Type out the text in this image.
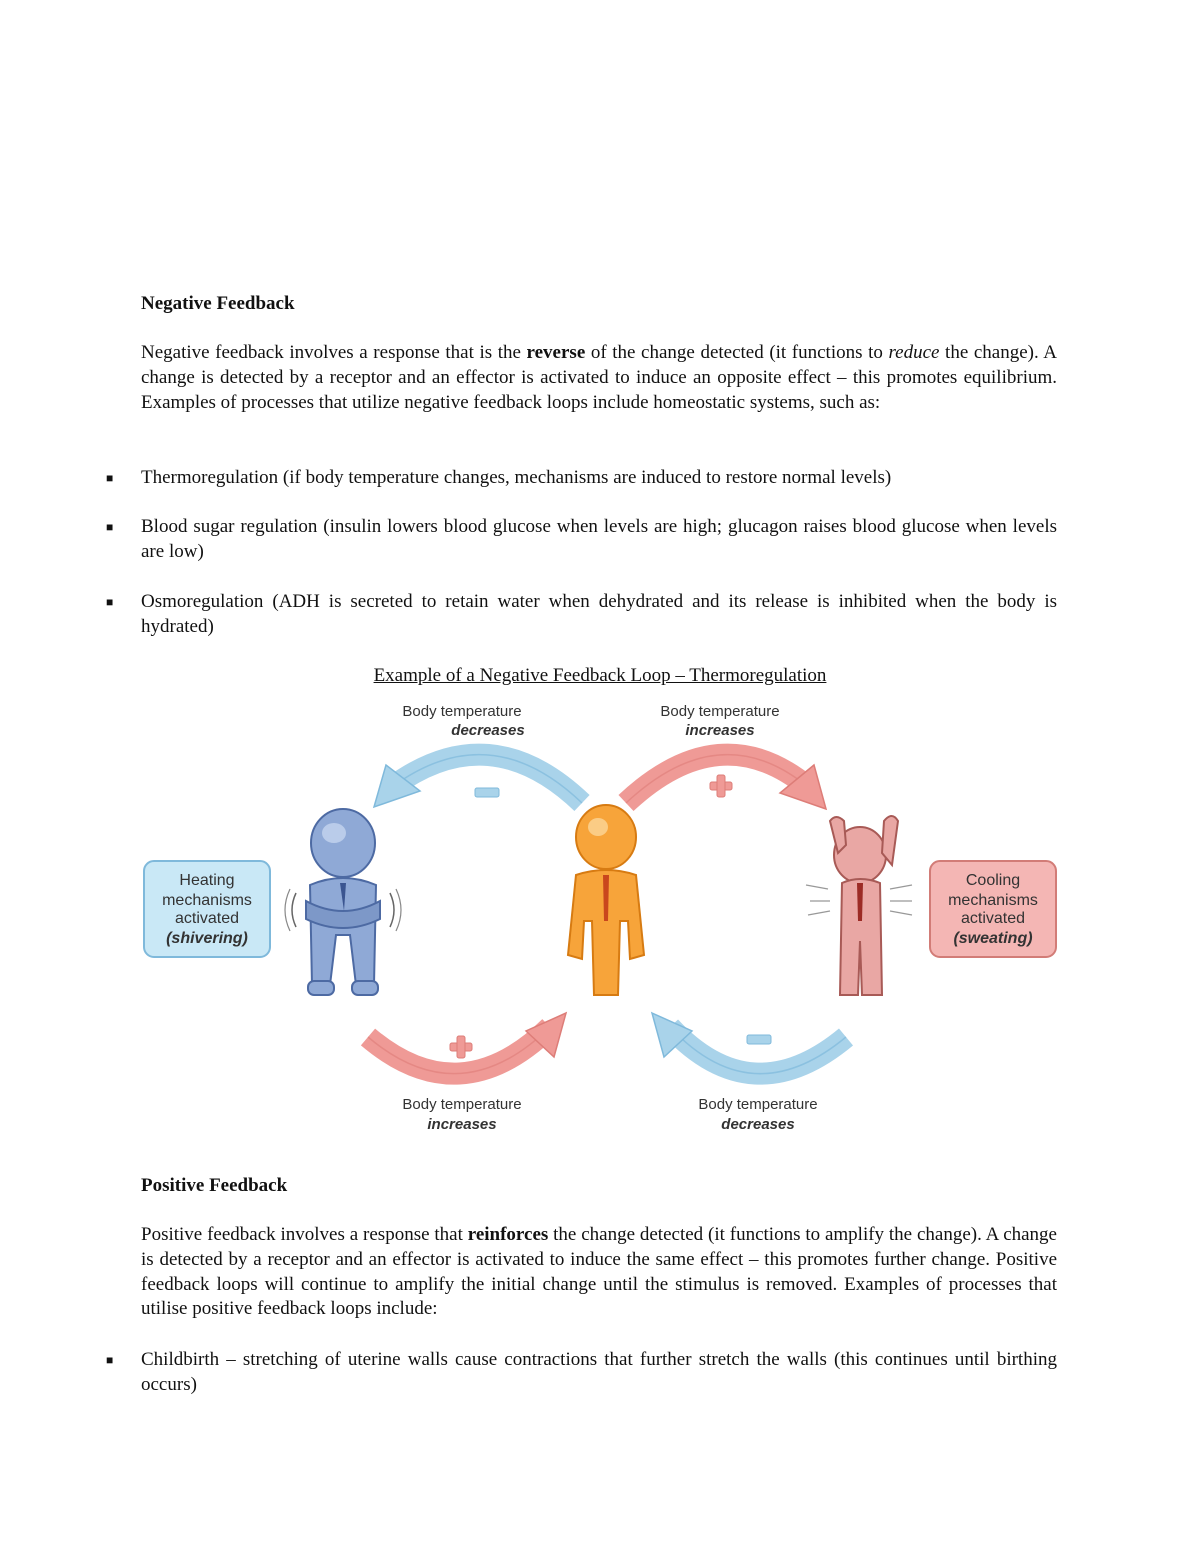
Negative Feedback
Negative feedback involves a response that is the reverse of the change detected (it functions to reduce the change). A change is detected by a receptor and an effector is activated to induce an opposite effect – this promotes equilibrium. Examples of processes that utilize negative feedback loops include homeostatic systems, such as:
■ Thermoregulation (if body temperature changes, mechanisms are induced to restore normal levels)
■ Blood sugar regulation (insulin lowers blood glucose when levels are high; glucagon raises blood glucose when levels are low)
■ Osmoregulation (ADH is secreted to retain water when dehydrated and its release is inhibited when the body is hydrated)
Example of a Negative Feedback Loop – Thermoregulation
Body temperature
decreases
Body temperature
increases
Body temperature
increases
Body temperature
decreases
Heating
mechanisms
activated
(shivering)
Cooling
mechanisms
activated
(sweating)
Positive Feedback
Positive feedback involves a response that reinforces the change detected (it functions to amplify the change). A change is detected by a receptor and an effector is activated to induce the same effect – this promotes further change. Positive feedback loops will continue to amplify the initial change until the stimulus is removed. Examples of processes that utilise positive feedback loops include:
■ Childbirth – stretching of uterine walls cause contractions that further stretch the walls (this continues until birthing occurs)
